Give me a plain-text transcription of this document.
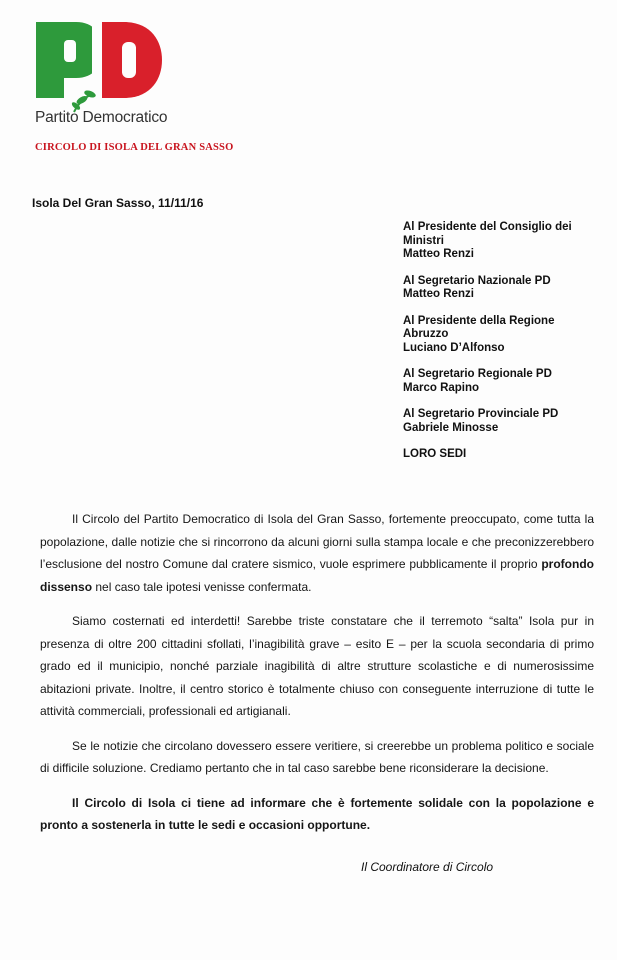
Partito Democratico
CIRCOLO DI ISOLA DEL GRAN SASSO
Isola Del Gran Sasso, 11/11/16
Al Presidente del Consiglio dei
Ministri
Matteo Renzi
Al Segretario Nazionale PD
Matteo Renzi
Al Presidente della Regione
Abruzzo
Luciano D’Alfonso
Al Segretario Regionale PD
Marco Rapino
Al Segretario Provinciale PD
Gabriele Minosse
LORO SEDI

Il Circolo del Partito Democratico di Isola del Gran Sasso, fortemente preoccupato, come tutta la popolazione, dalle notizie che si rincorrono da alcuni giorni sulla stampa locale e che preconizzerebbero l’esclusione del nostro Comune dal cratere sismico, vuole esprimere pubblicamente il proprio profondo dissenso nel caso tale ipotesi venisse confermata.

Siamo costernati ed interdetti! Sarebbe triste constatare che il terremoto “salta” Isola pur in presenza di oltre 200 cittadini sfollati, l’inagibilità grave – esito E – per la scuola secondaria di primo grado ed il municipio, nonché parziale inagibilità di altre strutture scolastiche e di numerosissime abitazioni private. Inoltre, il centro storico è totalmente chiuso con conseguente interruzione di tutte le attività commerciali, professionali ed artigianali.

Se le notizie che circolano dovessero essere veritiere, si creerebbe un problema politico e sociale di difficile soluzione. Crediamo pertanto che in tal caso sarebbe bene riconsiderare la decisione.

Il Circolo di Isola ci tiene ad informare che è fortemente solidale con la popolazione e pronto a sostenerla in tutte le sedi e occasioni opportune.

Il Coordinatore di Circolo
